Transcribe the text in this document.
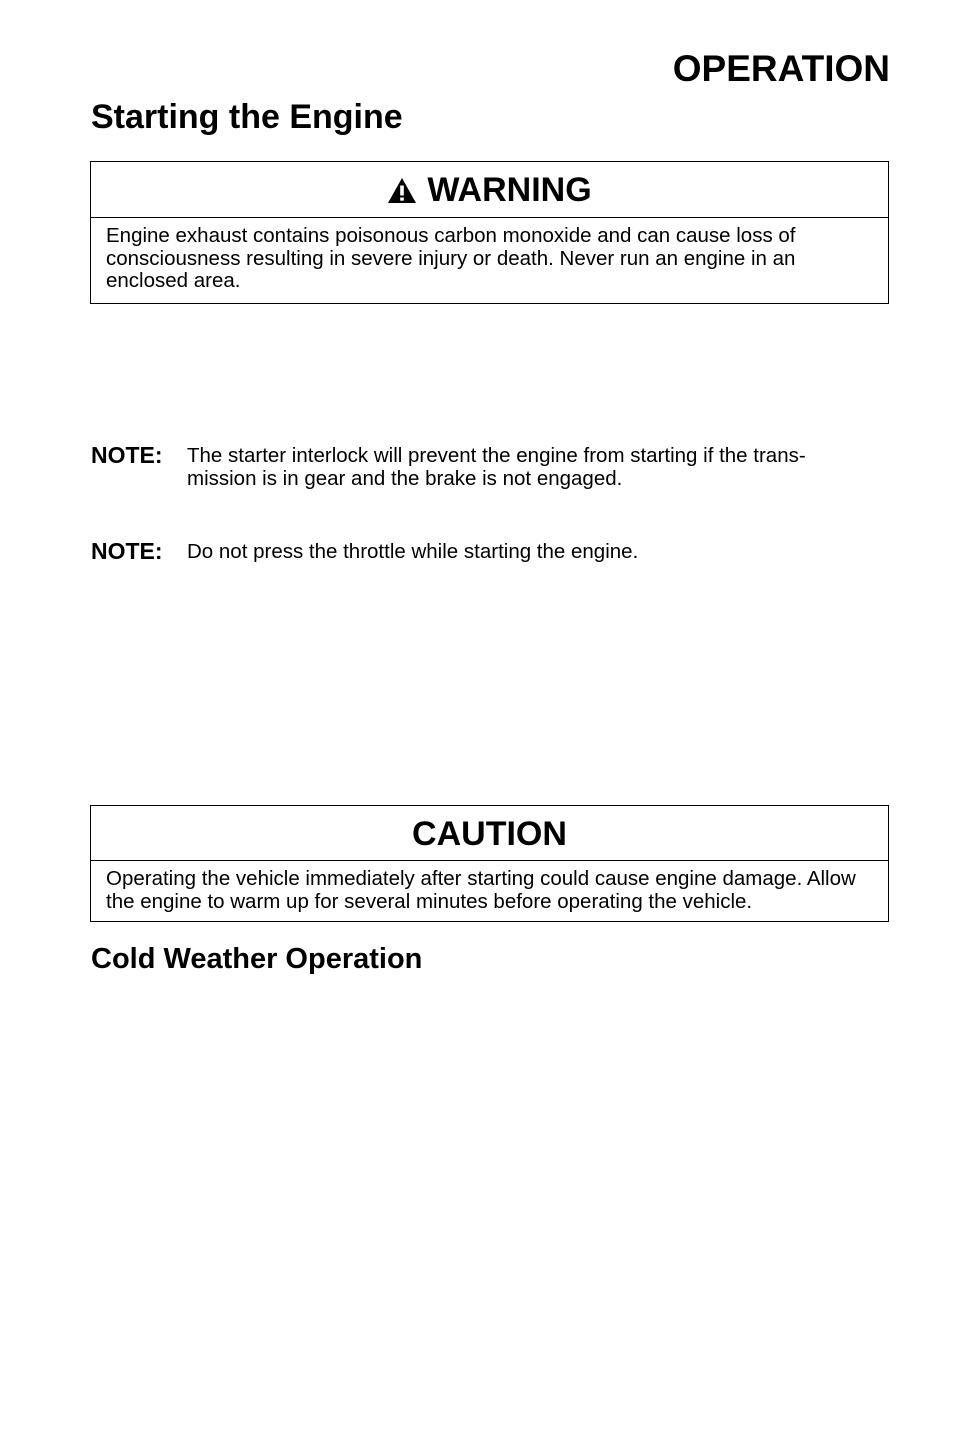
OPERATION
Starting the Engine
WARNING
Engine exhaust contains poisonous carbon monoxide and can cause loss of consciousness resulting in severe injury or death. Never run an engine in an enclosed area.
NOTE:	The starter interlock will prevent the engine from starting if the trans-mission is in gear and the brake is not engaged.
NOTE:	Do not press the throttle while starting the engine.
CAUTION
Operating the vehicle immediately after starting could cause engine damage. Allow the engine to warm up for several minutes before operating the vehicle.
Cold Weather Operation
